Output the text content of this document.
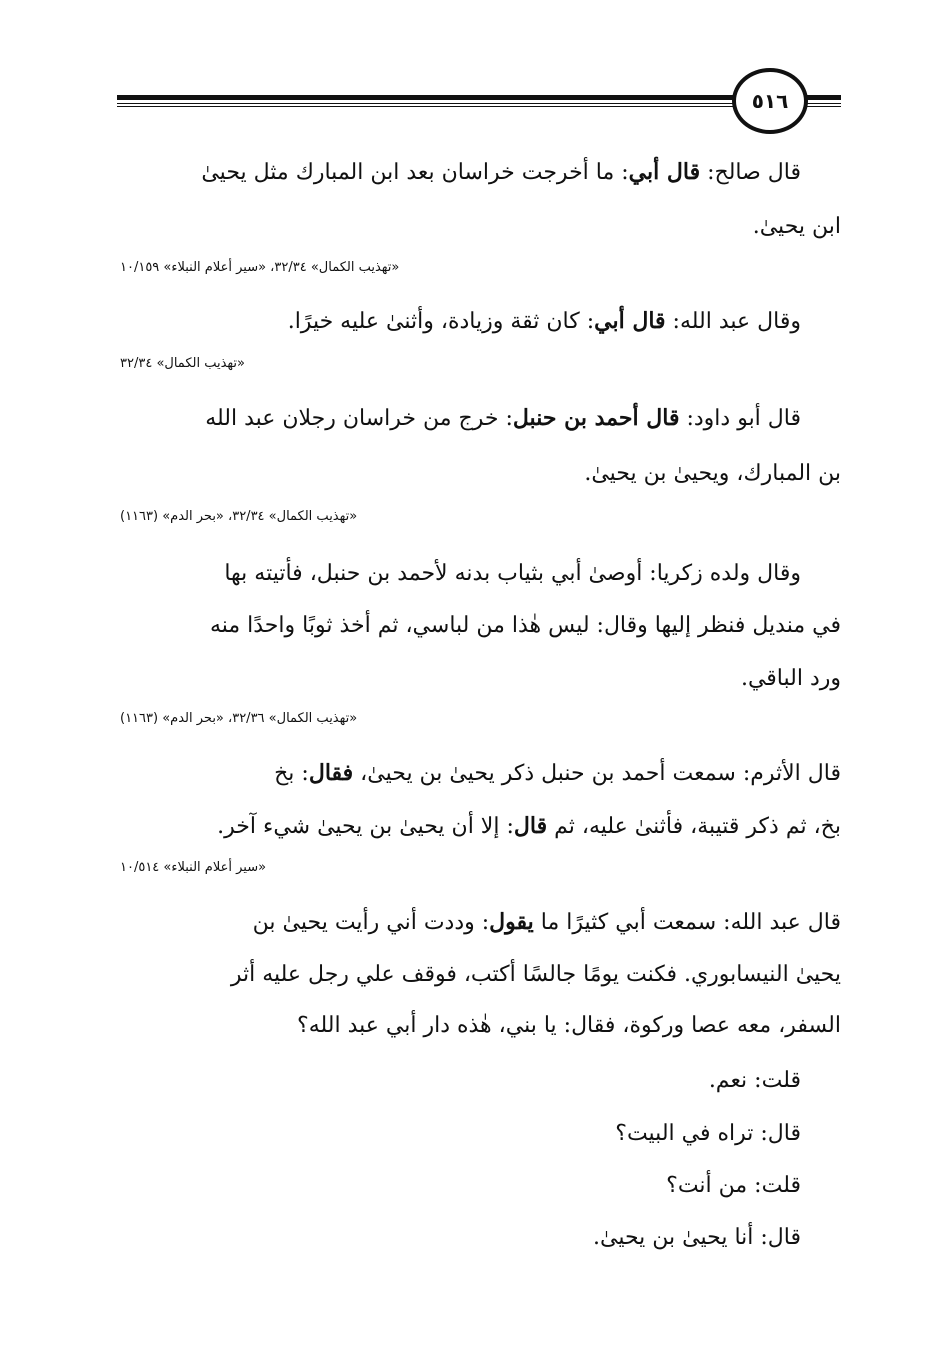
٥١٦
قال صالح: قال أبي: ما أخرجت خراسان بعد ابن المبارك مثل يحيىٰ
ابن يحيىٰ.
«تهذيب الكمال» ٣٢/٣٤، «سير أعلام النبلاء» ١٠/١٥٩
وقال عبد الله: قال أبي: كان ثقة وزيادة، وأثنىٰ عليه خيرًا.
«تهذيب الكمال» ٣٢/٣٤
قال أبو داود: قال أحمد بن حنبل: خرج من خراسان رجلان عبد الله
بن المبارك، ويحيىٰ بن يحيىٰ.
«تهذيب الكمال» ٣٢/٣٤، «بحر الدم» (١١٦٣)
وقال ولده زكريا: أوصىٰ أبي بثياب بدنه لأحمد بن حنبل، فأتيته بها
في منديل فنظر إليها وقال: ليس هٰذا من لباسي، ثم أخذ ثوبًا واحدًا منه
ورد الباقي.
«تهذيب الكمال» ٣٢/٣٦، «بحر الدم» (١١٦٣)
قال الأثرم: سمعت أحمد بن حنبل ذكر يحيىٰ بن يحيىٰ، فقال: بخ
بخ، ثم ذكر قتيبة، فأثنىٰ عليه، ثم قال: إلا أن يحيىٰ بن يحيىٰ شيء آخر.
«سير أعلام النبلاء» ١٠/٥١٤
قال عبد الله: سمعت أبي كثيرًا ما يقول: وددت أني رأيت يحيىٰ بن
يحيىٰ النيسابوري. فكنت يومًا جالسًا أكتب، فوقف علي رجل عليه أثر
السفر، معه عصا وركوة، فقال: يا بني، هٰذه دار أبي عبد الله؟
قلت: نعم.
قال: تراه في البيت؟
قلت: من أنت؟
قال: أنا يحيىٰ بن يحيىٰ.
